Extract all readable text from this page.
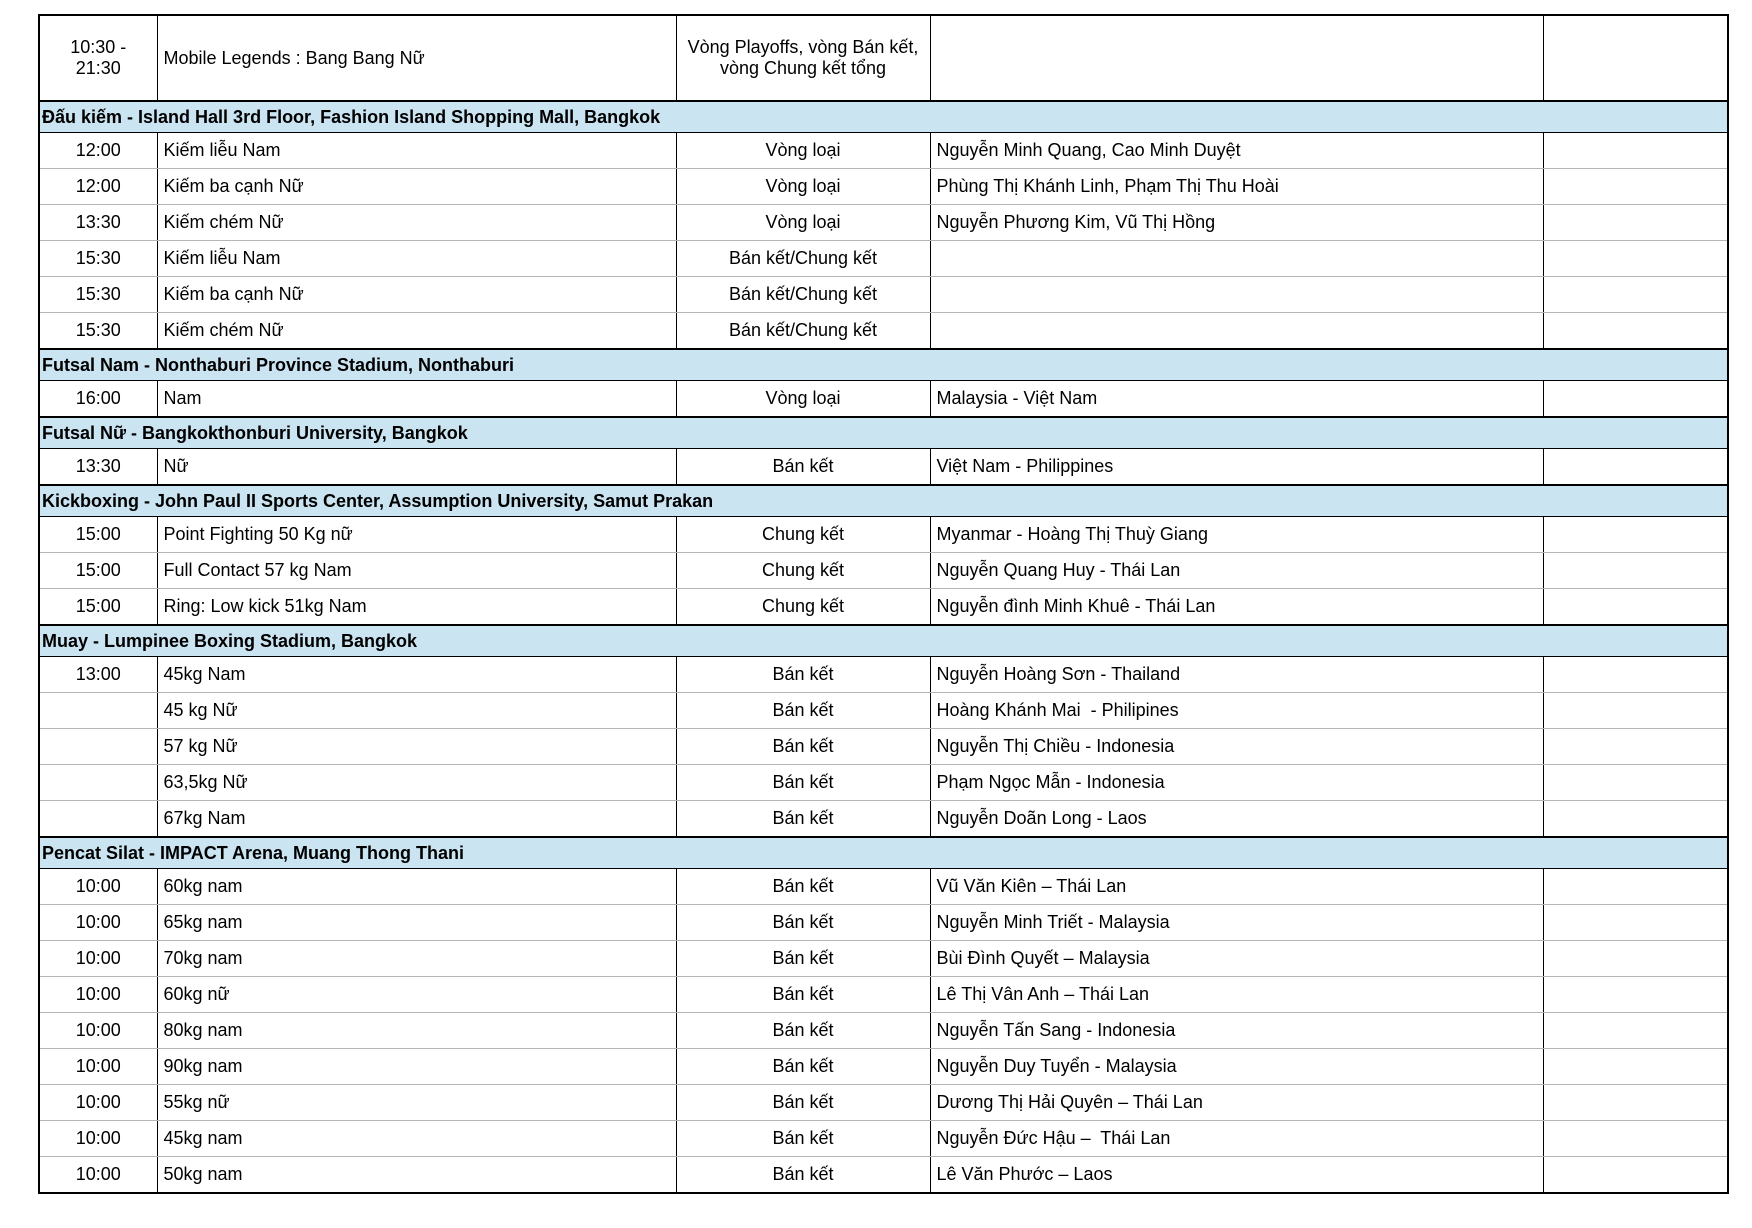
10:30 - 21:30	Mobile Legends : Bang Bang Nữ	Vòng Playoffs, vòng Bán kết, vòng Chung kết tổng		
Đấu kiếm - Island Hall 3rd Floor, Fashion Island Shopping Mall, Bangkok				
12:00	Kiếm liễu Nam	Vòng loại	Nguyễn Minh Quang, Cao Minh Duyệt	
12:00	Kiếm ba cạnh Nữ	Vòng loại	Phùng Thị Khánh Linh, Phạm Thị Thu Hoài	
13:30	Kiếm chém Nữ	Vòng loại	Nguyễn Phương Kim, Vũ Thị Hồng	
15:30	Kiếm liễu Nam	Bán kết/Chung kết		
15:30	Kiếm ba cạnh Nữ	Bán kết/Chung kết		
15:30	Kiếm chém Nữ	Bán kết/Chung kết		
Futsal Nam - Nonthaburi Province Stadium, Nonthaburi				
16:00	Nam	Vòng loại	Malaysia - Việt Nam	
Futsal Nữ - Bangkokthonburi University, Bangkok				
13:30	Nữ	Bán kết	Việt Nam - Philippines	
Kickboxing - John Paul II Sports Center, Assumption University, Samut Prakan				
15:00	Point Fighting 50 Kg nữ	Chung kết	Myanmar - Hoàng Thị Thuỳ Giang	
15:00	Full Contact 57 kg Nam	Chung kết	Nguyễn Quang Huy - Thái Lan	
15:00	Ring: Low kick 51kg Nam	Chung kết	Nguyễn đình Minh Khuê - Thái Lan	
Muay - Lumpinee Boxing Stadium, Bangkok				
13:00	45kg Nam	Bán kết	Nguyễn Hoàng Sơn - Thailand	
	45 kg Nữ	Bán kết	Hoàng Khánh Mai  - Philipines	
	57 kg Nữ	Bán kết	Nguyễn Thị Chiều - Indonesia	
	63,5kg Nữ	Bán kết	Phạm Ngọc Mẫn - Indonesia	
	67kg Nam	Bán kết	Nguyễn Doãn Long - Laos	
Pencat Silat - IMPACT Arena, Muang Thong Thani				
10:00	60kg nam	Bán kết	Vũ Văn Kiên – Thái Lan	
10:00	65kg nam	Bán kết	Nguyễn Minh Triết - Malaysia	
10:00	70kg nam	Bán kết	Bùi Đình Quyết – Malaysia	
10:00	60kg nữ	Bán kết	Lê Thị Vân Anh – Thái Lan	
10:00	80kg nam	Bán kết	Nguyễn Tấn Sang - Indonesia	
10:00	90kg nam	Bán kết	Nguyễn Duy Tuyển - Malaysia	
10:00	55kg nữ	Bán kết	Dương Thị Hải Quyên – Thái Lan	
10:00	45kg nam	Bán kết	Nguyễn Đức Hậu –  Thái Lan	
10:00	50kg nam	Bán kết	Lê Văn Phước – Laos	
